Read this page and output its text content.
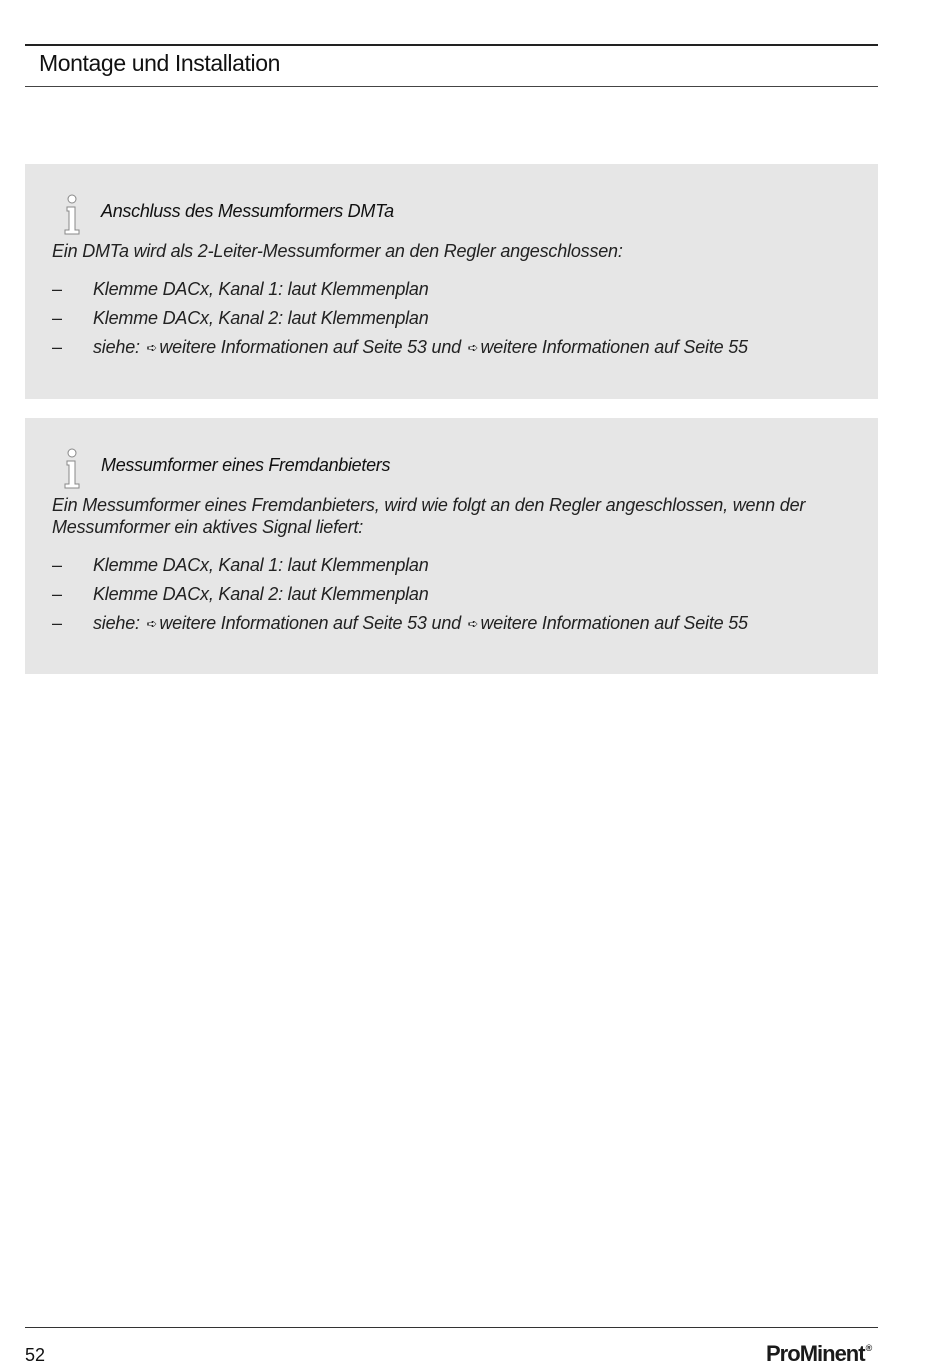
Montage und Installation
Anschluss des Messumformers DMTa
Ein DMTa wird als 2-Leiter-Messumformer an den Regler angeschlossen:
– Klemme DACx, Kanal 1: laut Klemmenplan
– Klemme DACx, Kanal 2: laut Klemmenplan
– siehe: ➪ weitere Informationen auf Seite 53 und ➪ weitere Informationen auf Seite 55
Messumformer eines Fremdanbieters
Ein Messumformer eines Fremdanbieters, wird wie folgt an den Regler angeschlossen, wenn der Messumformer ein aktives Signal liefert:
– Klemme DACx, Kanal 1: laut Klemmenplan
– Klemme DACx, Kanal 2: laut Klemmenplan
– siehe: ➪ weitere Informationen auf Seite 53 und ➪ weitere Informationen auf Seite 55
52	ProMinent®
